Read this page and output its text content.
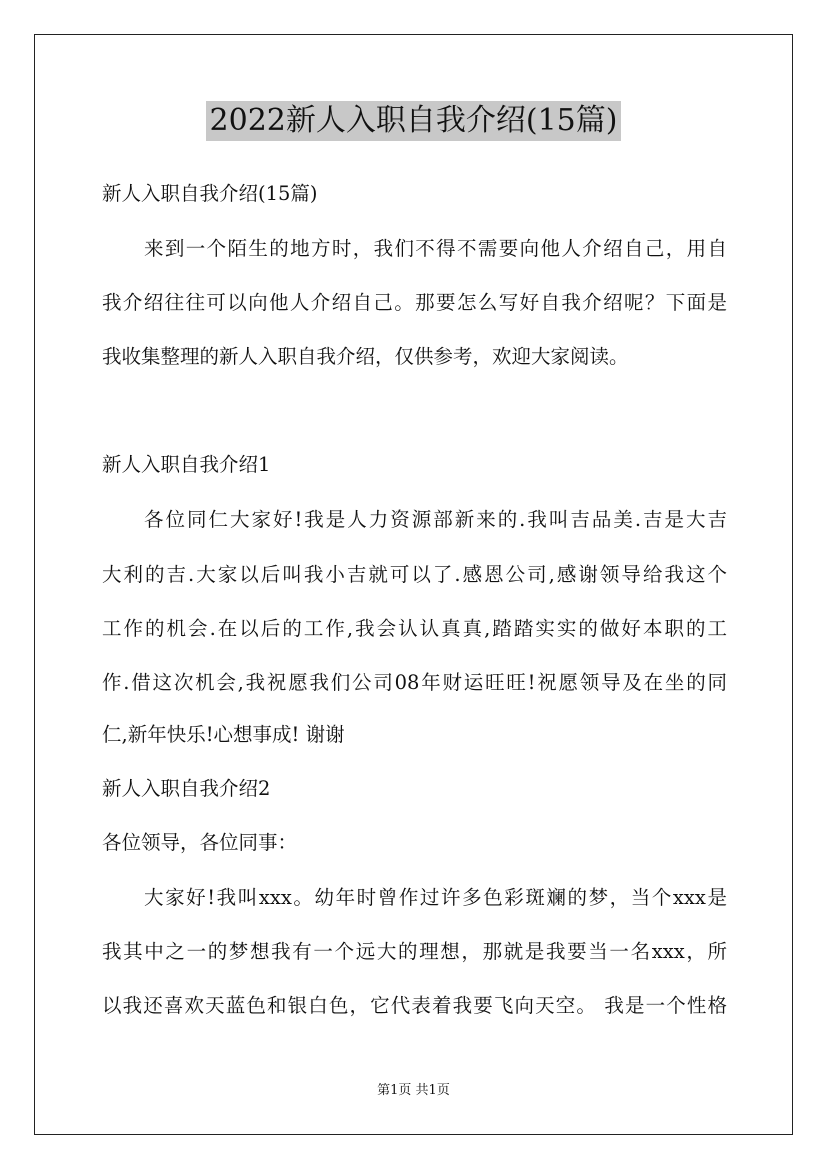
2022新人入职自我介绍(15篇)
新人入职自我介绍(15篇)
来到一个陌生的地方时，我们不得不需要向他人介绍自己，用自
我介绍往往可以向他人介绍自己。那要怎么写好自我介绍呢？下面是
我收集整理的新人入职自我介绍，仅供参考，欢迎大家阅读。
新人入职自我介绍1
各位同仁大家好!我是人力资源部新来的.我叫吉品美.吉是大吉
大利的吉.大家以后叫我小吉就可以了.感恩公司,感谢领导给我这个
工作的机会.在以后的工作,我会认认真真,踏踏实实的做好本职的工
作.借这次机会,我祝愿我们公司08年财运旺旺!祝愿领导及在坐的同
仁,新年快乐!心想事成! 谢谢
新人入职自我介绍2
各位领导，各位同事：
大家好!我叫xxx。幼年时曾作过许多色彩斑斓的梦，当个xxx是
我其中之一的梦想我有一个远大的理想，那就是我要当一名xxx，所
以我还喜欢天蓝色和银白色，它代表着我要飞向天空。 我是一个性格
第1页 共1页
